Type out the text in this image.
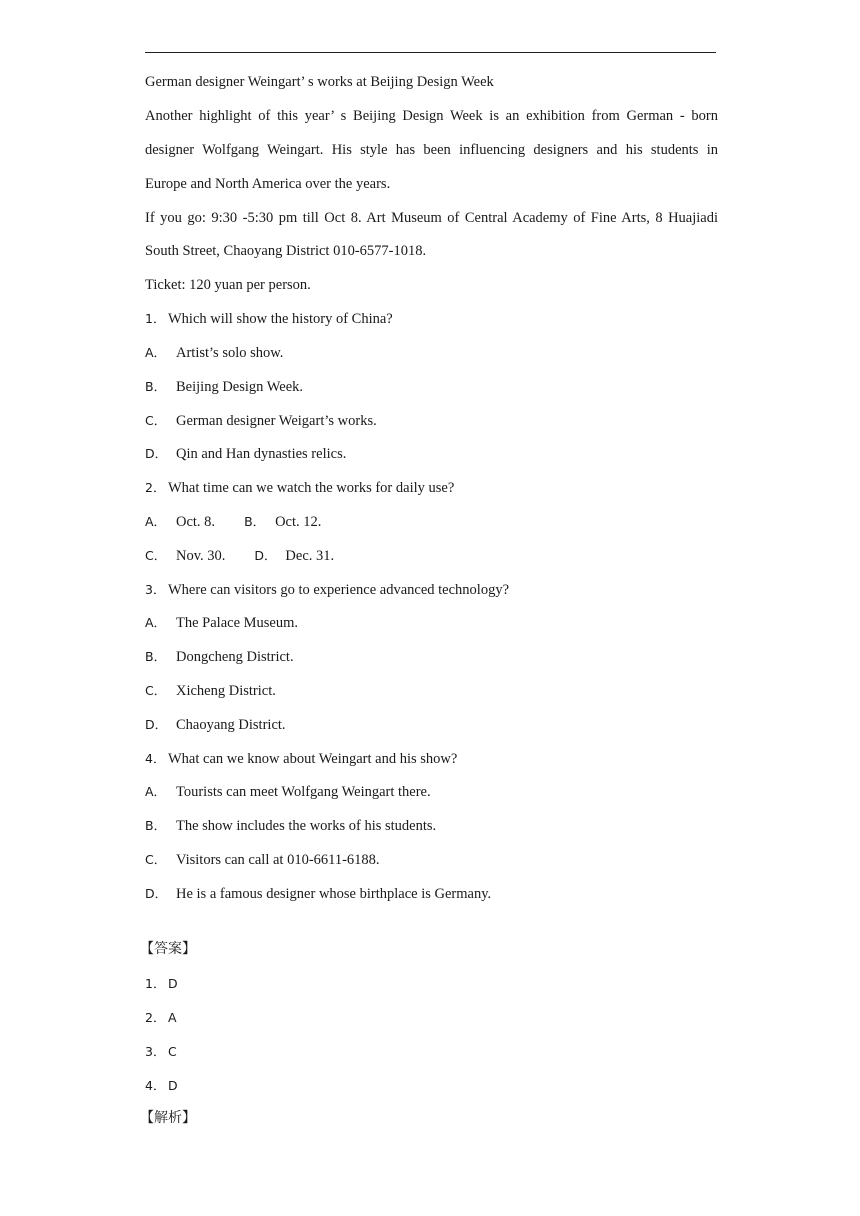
German designer Weingart’ s works at Beijing Design Week
Another highlight of this year’ s Beijing Design Week is an exhibition from German - born
designer Wolfgang Weingart. His style has been influencing designers and his students in
Europe and North America over the years.
If you go: 9:30 -5:30 pm till Oct 8. Art Museum of Central Academy of Fine Arts, 8 Huajiadi
South Street, Chaoyang District 010-6577-1018.
Ticket: 120 yuan per person.
1． Which will show the history of China?
A． Artist’s solo show.
B． Beijing Design Week.
C． German designer Weigart’s works.
D． Qin and Han dynasties relics.
2． What time can we watch the works for daily use?
A． Oct. 8. B． Oct. 12.
C． Nov. 30. D． Dec. 31.
3． Where can visitors go to experience advanced technology?
A． The Palace Museum.
B． Dongcheng District.
C． Xicheng District.
D． Chaoyang District.
4． What can we know about Weingart and his show?
A． Tourists can meet Wolfgang Weingart there.
B． The show includes the works of his students.
C． Visitors can call at 010-6611-6188.
D． He is a famous designer whose birthplace is Germany.
【答案】
1． D
2． A
3． C
4． D
【解析】
